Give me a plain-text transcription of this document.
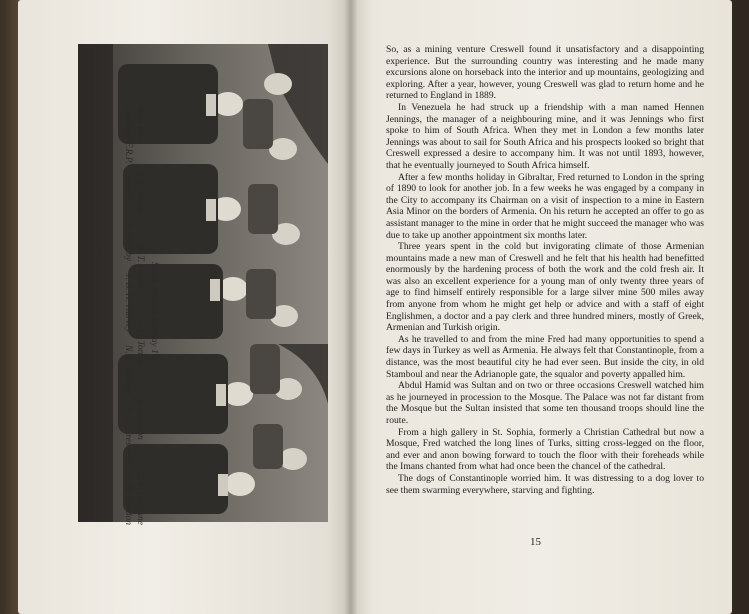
South African Ramsay 1937
Back row
J. C. Kemp
A. T. Peake
E. C. Tonner
S. Simpson
C. R. Haldane
Courtesy F.R.P. Creswell
D. E. Maltby
J. B. H. Harvey
N. C. Harvey
F. C. Creswell
P. M. Gordon

So, as a mining venture Creswell found it unsatisfactory and a disappointing experience. But the surrounding country was interesting and he made many excursions alone on horseback into the interior and up mountains, geologizing and exploring. After a year, however, young Creswell was glad to return home and he returned to England in 1889.

In Venezuela he had struck up a friendship with a man named Hennen Jennings, the manager of a neighbouring mine, and it was Jennings who first spoke to him of South Africa. When they met in London a few months later Jennings was about to sail for South Africa and his prospects looked so bright that Creswell expressed a desire to accompany him. It was not until 1893, however, that he eventually journeyed to South Africa himself.

After a few months holiday in Gibraltar, Fred returned to London in the spring of 1890 to look for another job. In a few weeks he was engaged by a company in the City to accompany its Chairman on a visit of inspection to a mine in Eastern Asia Minor on the borders of Armenia. On his return he accepted an offer to go as assistant manager to the mine in order that he might succeed the manager who was due to take up another appointment six months later.

Three years spent in the cold but invigorating climate of those Armenian mountains made a new man of Creswell and he felt that his health had benefitted enormously by the hardening process of both the work and the cold fresh air. It was also an excellent experience for a young man of only twenty three years of age to find himself entirely responsible for a large silver mine 500 miles away from anyone from whom he might get help or advice and with a staff of eight Englishmen, a doctor and a pay clerk and three hundred miners, mostly of Greek, Armenian and Turkish origin.

As he travelled to and from the mine Fred had many opportunities to spend a few days in Turkey as well as Armenia. He always felt that Constantinople, from a distance, was the most beautiful city he had ever seen. But inside the city, in old Stamboul and near the Adrianople gate, the squalor and poverty appalled him.

Abdul Hamid was Sultan and on two or three occasions Creswell watched him as he journeyed in procession to the Mosque. The Palace was not far distant from the Mosque but the Sultan insisted that some ten thousand troops should line the route.

From a high gallery in St. Sophia, formerly a Christian Cathedral but now a Mosque, Fred watched the long lines of Turks, sitting cross-legged on the floor, and ever and anon bowing forward to touch the floor with their foreheads while the Imans chanted from what had once been the chancel of the cathedral.

The dogs of Constantinople worried him. It was distressing to a dog lover to see them swarming everywhere, starving and fighting.

15
